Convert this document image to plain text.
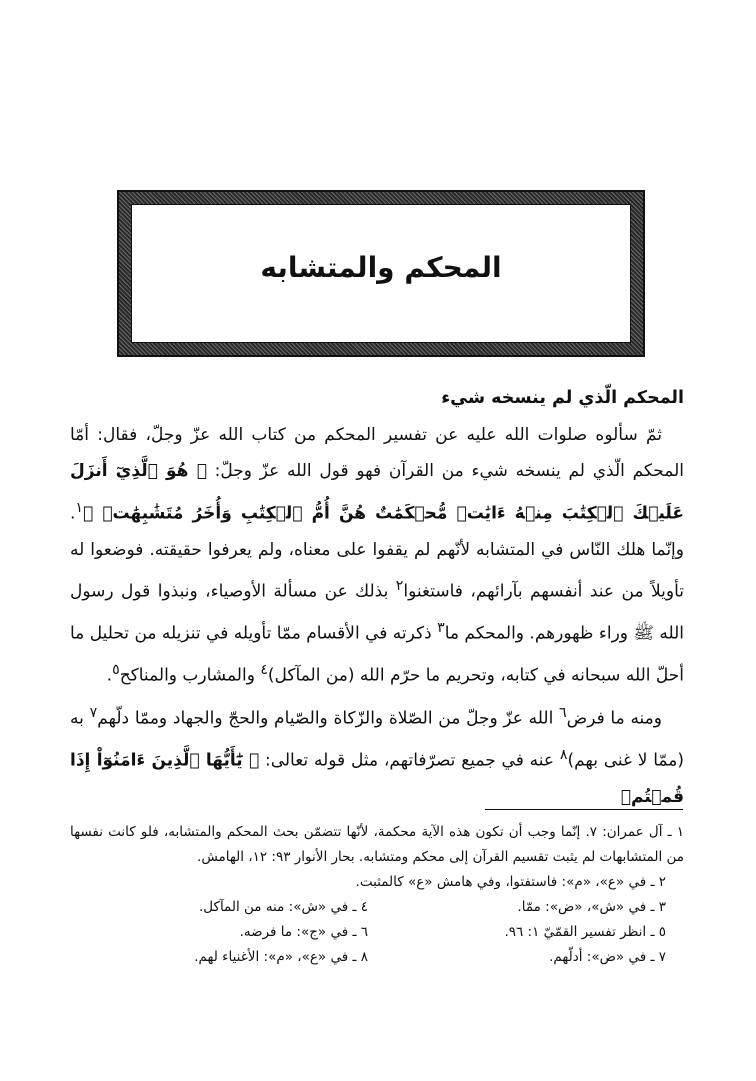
المحكم والمتشابه

المحكم الّذي لم ينسخه شيء

ثمّ سألوه صلوات الله عليه عن تفسير المحكم من كتاب الله عزّ وجلّ، فقال: أمّا المحكم الّذي لم ينسخه شيء من القرآن فهو قول الله عزّ وجلّ: ﴿ هُوَ ٱلَّذِيٓ أَنزَلَ عَلَيۡكَ ٱلۡكِتَٰبَ مِنۡهُ ءَايَٰتٞ مُّحۡكَمَٰتٌ هُنَّ أُمُّ ٱلۡكِتَٰبِ وَأُخَرُ مُتَشَٰبِهَٰتٞ ﴾$^١$. وإنّما هلك النّاس في المتشابه لأنّهم لم يقفوا على معناه، ولم يعرفوا حقيقته. فوضعوا له تأويلاً من عند أنفسهم بآرائهم، فاستغنوا$^٢$ بذلك عن مسألة الأوصياء، ونبذوا قول رسول الله ﷺ وراء ظهورهم. والمحكم ما$^٣$ ذكرته في الأقسام ممّا تأويله في تنزيله من تحليل ما أحلّ الله سبحانه في كتابه، وتحريم ما حرّم الله (من المآكل)$^٤$ والمشارب والمناكح$^٥$.

ومنه ما فرض$^٦$ الله عزّ وجلّ من الصّلاة والزّكاة والصّيام والحجّ والجهاد وممّا دلّهم$^٧$ به (ممّا لا غنى بهم)$^٨$ عنه في جميع تصرّفاتهم، مثل قوله تعالى: ﴿ يَٰٓأَيُّهَا ٱلَّذِينَ ءَامَنُوٓاْ إِذَا قُمۡتُمۡ

١ ـ آل عمران: ٧. إنّما وجب أن تكون هذه الآية محكمة، لأنّها تتضمّن بحث المحكم والمتشابه، فلو كانت نفسها من المتشابهات لم يثبت تقسيم القرآن إلى محكم ومتشابه. بحار الأنوار ٩٣: ١٢، الهامش.

٢ ـ في «ع»، «م»: فاستفتوا، وفي هامش «ع» كالمثبت.

٣ ـ في «ش»، «ض»: ممّا.
٤ ـ في «ش»: منه من المآكل.
٥ ـ انظر تفسير القمّيّ ١: ٩٦.
٦ ـ في «ج»: ما فرضه.
٧ ـ في «ض»: أدلّهم.
٨ ـ في «ع»، «م»: الأغنياء لهم.
